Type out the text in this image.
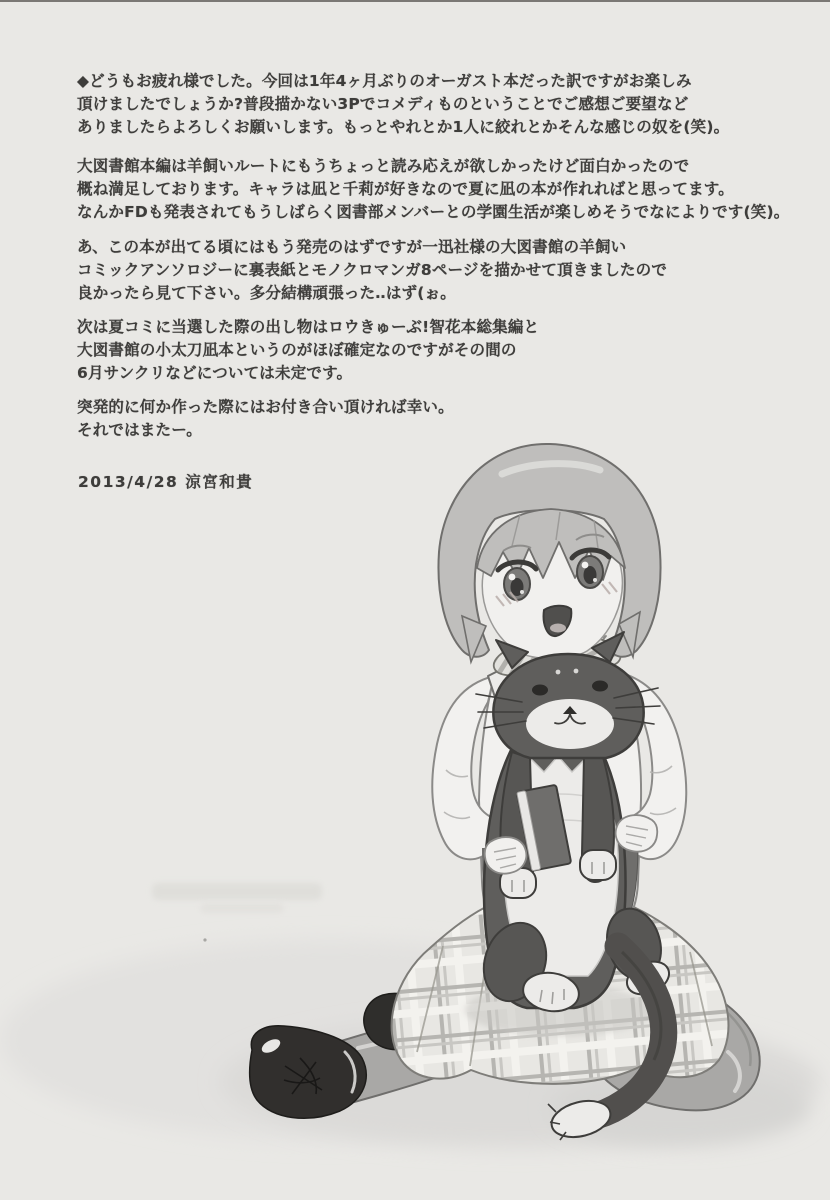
◆どうもお疲れ様でした。今回は1年4ヶ月ぶりのオーガスト本だった訳ですがお楽しみ
頂けましたでしょうか?普段描かない3Pでコメディものということでご感想ご要望など
ありましたらよろしくお願いします。もっとやれとか1人に絞れとかそんな感じの奴を(笑)。
大図書館本編は羊飼いルートにもうちょっと読み応えが欲しかったけど面白かったので
概ね満足しております。キャラは凪と千莉が好きなので夏に凪の本が作れればと思ってます。
なんかFDも発表されてもうしばらく図書部メンバーとの学園生活が楽しめそうでなによりです(笑)。
あ、この本が出てる頃にはもう発売のはずですが一迅社様の大図書館の羊飼い
コミックアンソロジーに裏表紙とモノクロマンガ8ページを描かせて頂きましたので
良かったら見て下さい。多分結構頑張った‥はず(ぉ。
次は夏コミに当選した際の出し物はロウきゅーぶ!智花本総集編と
大図書館の小太刀凪本というのがほぼ確定なのですがその間の
6月サンクリなどについては未定です。
突発的に何か作った際にはお付き合い頂ければ幸い。
それではまたー。
2013/4/28 涼宮和貴
